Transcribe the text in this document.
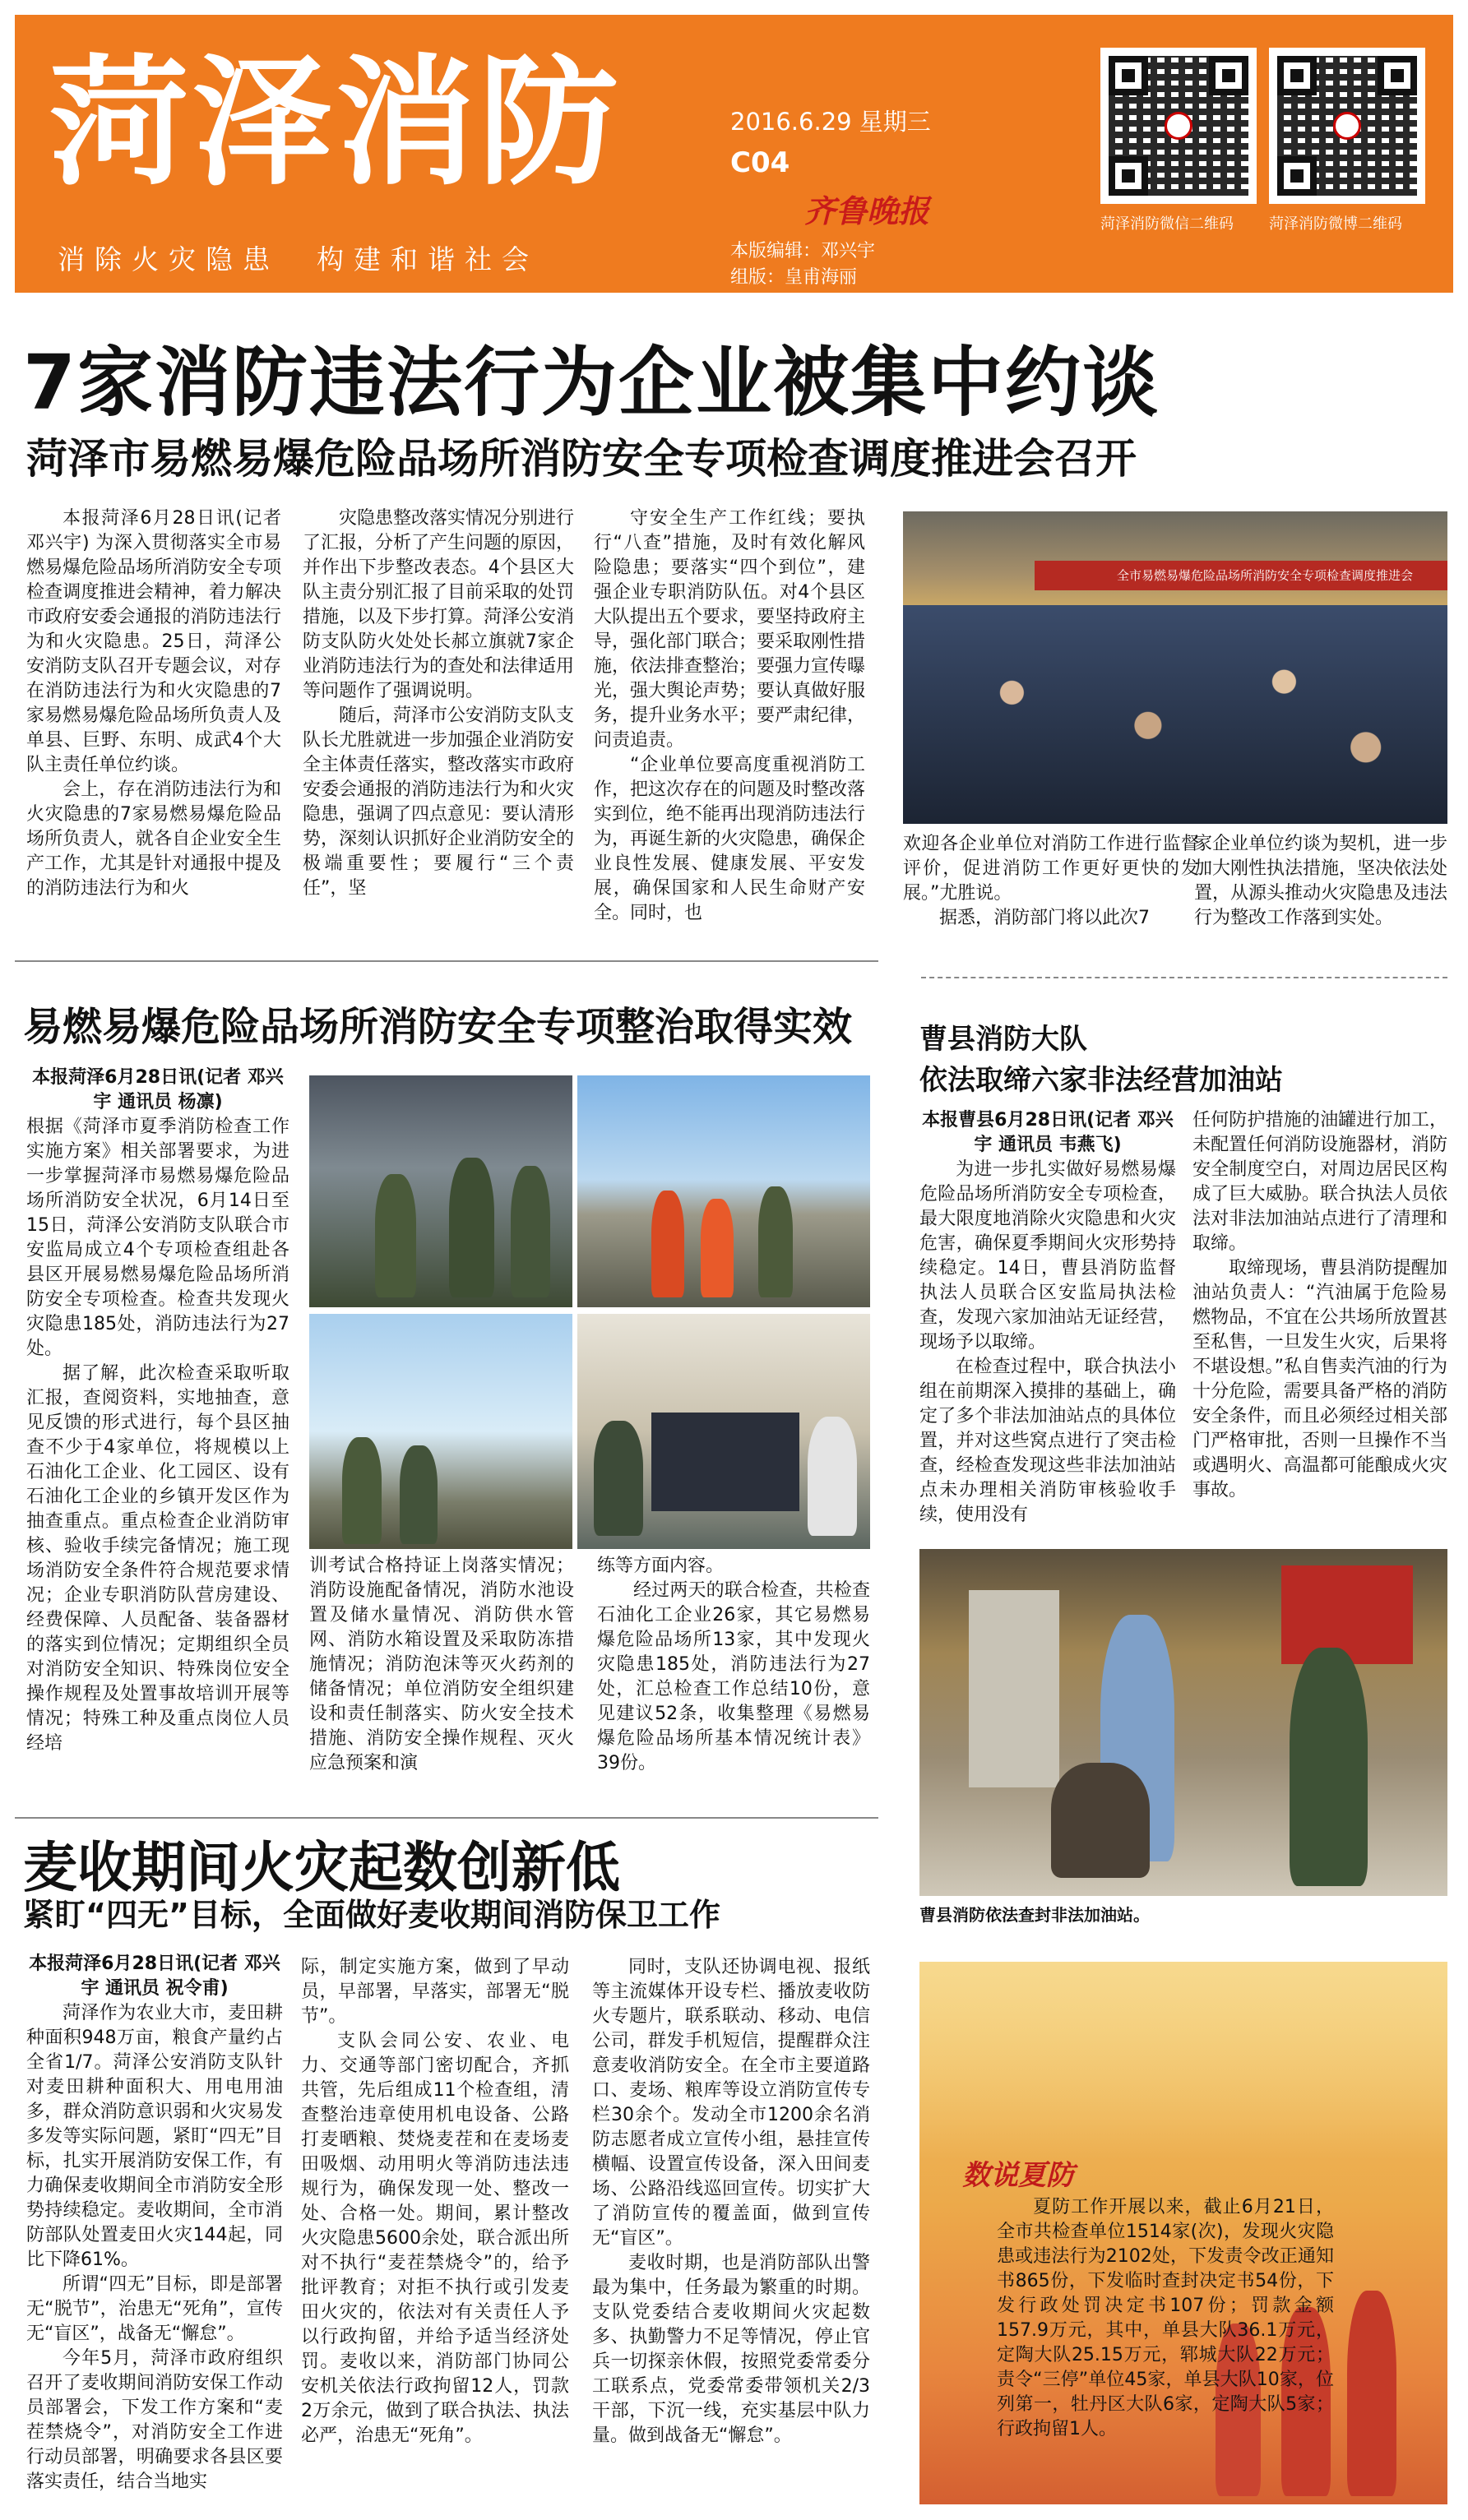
菏泽消防
消除火灾隐患　构建和谐社会
2016.6.29 星期三
C04
齐鲁晚报
本版编辑：邓兴宇
组版：皇甫海丽
菏泽消防微信二维码	菏泽消防微博二维码
7家消防违法行为企业被集中约谈
菏泽市易燃易爆危险品场所消防安全专项检查调度推进会召开

本报菏泽6月28日讯(记者 邓兴宇) 为深入贯彻落实全市易燃易爆危险品场所消防安全专项检查调度推进会精神，着力解决市政府安委会通报的消防违法行为和火灾隐患。25日，菏泽公安消防支队召开专题会议，对存在消防违法行为和火灾隐患的7家易燃易爆危险品场所负责人及单县、巨野、东明、成武4个大队主责任单位约谈。

会上，存在消防违法行为和火灾隐患的7家易燃易爆危险品场所负责人，就各自企业安全生产工作，尤其是针对通报中提及的消防违法行为和火

灾隐患整改落实情况分别进行了汇报，分析了产生问题的原因，并作出下步整改表态。4个县区大队主责分别汇报了目前采取的处罚措施，以及下步打算。菏泽公安消防支队防火处处长郝立旗就7家企业消防违法行为的查处和法律适用等问题作了强调说明。

随后，菏泽市公安消防支队支队长尤胜就进一步加强企业消防安全主体责任落实，整改落实市政府安委会通报的消防违法行为和火灾隐患，强调了四点意见：要认清形势，深刻认识抓好企业消防安全的极端重要性；要履行“三个责任”，坚

守安全生产工作红线；要执行“八查”措施，及时有效化解风险隐患；要落实“四个到位”，建强企业专职消防队伍。对4个县区大队提出五个要求，要坚持政府主导，强化部门联合；要采取刚性措施，依法排查整治；要强力宣传曝光，强大舆论声势；要认真做好服务，提升业务水平；要严肃纪律，问责追责。

“企业单位要高度重视消防工作，把这次存在的问题及时整改落实到位，绝不能再出现消防违法行为，再诞生新的火灾隐患，确保企业良性发展、健康发展、平安发展，确保国家和人民生命财产安全。同时，也

全市易燃易爆危险品场所消防安全专项检查调度推进会

欢迎各企业单位对消防工作进行监督评价，促进消防工作更好更快的发展。”尤胜说。

据悉，消防部门将以此次7

家企业单位约谈为契机，进一步加大刚性执法措施，坚决依法处置，从源头推动火灾隐患及违法行为整改工作落到实处。

易燃易爆危险品场所消防安全专项整治取得实效
本报菏泽6月28日讯(记者 邓兴宇 通讯员 杨凛)

根据《菏泽市夏季消防检查工作实施方案》相关部署要求，为进一步掌握菏泽市易燃易爆危险品场所消防安全状况，6月14日至15日，菏泽公安消防支队联合市安监局成立4个专项检查组赴各县区开展易燃易爆危险品场所消防安全专项检查。检查共发现火灾隐患185处，消防违法行为27处。

据了解，此次检查采取听取汇报，查阅资料，实地抽查，意见反馈的形式进行，每个县区抽查不少于4家单位，将规模以上石油化工企业、化工园区、设有石油化工企业的乡镇开发区作为抽查重点。重点检查企业消防审核、验收手续完备情况；施工现场消防安全条件符合规范要求情况；企业专职消防队营房建设、经费保障、人员配备、装备器材的落实到位情况；定期组织全员对消防安全知识、特殊岗位安全操作规程及处置事故培训开展等情况；特殊工种及重点岗位人员经培

训考试合格持证上岗落实情况；消防设施配备情况，消防水池设置及储水量情况、消防供水管网、消防水箱设置及采取防冻措施情况；消防泡沫等灭火药剂的储备情况；单位消防安全组织建设和责任制落实、防火安全技术措施、消防安全操作规程、灭火应急预案和演

练等方面内容。

经过两天的联合检查，共检查石油化工企业26家，其它易燃易爆危险品场所13家，其中发现火灾隐患185处，消防违法行为27处，汇总检查工作总结10份，意见建议52条，收集整理《易燃易爆危险品场所基本情况统计表》39份。

曹县消防大队
依法取缔六家非法经营加油站
本报曹县6月28日讯(记者 邓兴宇 通讯员 韦燕飞)

为进一步扎实做好易燃易爆危险品场所消防安全专项检查，最大限度地消除火灾隐患和火灾危害，确保夏季期间火灾形势持续稳定。14日，曹县消防监督执法人员联合区安监局执法检查，发现六家加油站无证经营，现场予以取缔。

在检查过程中，联合执法小组在前期深入摸排的基础上，确定了多个非法加油站点的具体位置，并对这些窝点进行了突击检查，经检查发现这些非法加油站点未办理相关消防审核验收手续，使用没有

任何防护措施的油罐进行加工，未配置任何消防设施器材，消防安全制度空白，对周边居民区构成了巨大威胁。联合执法人员依法对非法加油站点进行了清理和取缔。

取缔现场，曹县消防提醒加油站负责人：“汽油属于危险易燃物品，不宜在公共场所放置甚至私售，一旦发生火灾，后果将不堪设想。”私自售卖汽油的行为十分危险，需要具备严格的消防安全条件，而且必须经过相关部门严格审批，否则一旦操作不当或遇明火、高温都可能酿成火灾事故。

曹县消防依法查封非法加油站。
麦收期间火灾起数创新低
紧盯“四无”目标，全面做好麦收期间消防保卫工作
本报菏泽6月28日讯(记者 邓兴宇 通讯员 祝令甫)

菏泽作为农业大市，麦田耕种面积948万亩，粮食产量约占全省1/7。菏泽公安消防支队针对麦田耕种面积大、用电用油多，群众消防意识弱和火灾易发多发等实际问题，紧盯“四无”目标，扎实开展消防安保工作，有力确保麦收期间全市消防安全形势持续稳定。麦收期间，全市消防部队处置麦田火灾144起，同比下降61%。

所谓“四无”目标，即是部署无“脱节”，治患无“死角”，宣传无“盲区”，战备无“懈怠”。

今年5月，菏泽市政府组织召开了麦收期间消防安保工作动员部署会，下发工作方案和“麦茬禁烧令”，对消防安全工作进行动员部署，明确要求各县区要落实责任，结合当地实

际，制定实施方案，做到了早动员，早部署，早落实，部署无“脱节”。

支队会同公安、农业、电力、交通等部门密切配合，齐抓共管，先后组成11个检查组，清查整治违章使用机电设备、公路打麦晒粮、焚烧麦茬和在麦场麦田吸烟、动用明火等消防违法违规行为，确保发现一处、整改一处、合格一处。期间，累计整改火灾隐患5600余处，联合派出所对不执行“麦茬禁烧令”的，给予批评教育；对拒不执行或引发麦田火灾的，依法对有关责任人予以行政拘留，并给予适当经济处罚。麦收以来，消防部门协同公安机关依法行政拘留12人，罚款2万余元，做到了联合执法、执法必严，治患无“死角”。

同时，支队还协调电视、报纸等主流媒体开设专栏、播放麦收防火专题片，联系联动、移动、电信公司，群发手机短信，提醒群众注意麦收消防安全。在全市主要道路口、麦场、粮库等设立消防宣传专栏30余个。发动全市1200余名消防志愿者成立宣传小组，悬挂宣传横幅、设置宣传设备，深入田间麦场、公路沿线巡回宣传。切实扩大了消防宣传的覆盖面，做到宣传无“盲区”。

麦收时期，也是消防部队出警最为集中，任务最为繁重的时期。支队党委结合麦收期间火灾起数多、执勤警力不足等情况，停止官兵一切探亲休假，按照党委常委分工联系点，党委常委带领机关2/3干部，下沉一线，充实基层中队力量。做到战备无“懈怠”。

数说夏防

夏防工作开展以来，截止6月21日，全市共检查单位1514家(次)，发现火灾隐患或违法行为2102处，下发责令改正通知书865份，下发临时查封决定书54份，下发行政处罚决定书107份；罚款金额157.9万元，其中，单县大队36.1万元，定陶大队25.15万元，郓城大队22万元；责令“三停”单位45家，单县大队10家，位列第一，牡丹区大队6家，定陶大队5家；行政拘留1人。
